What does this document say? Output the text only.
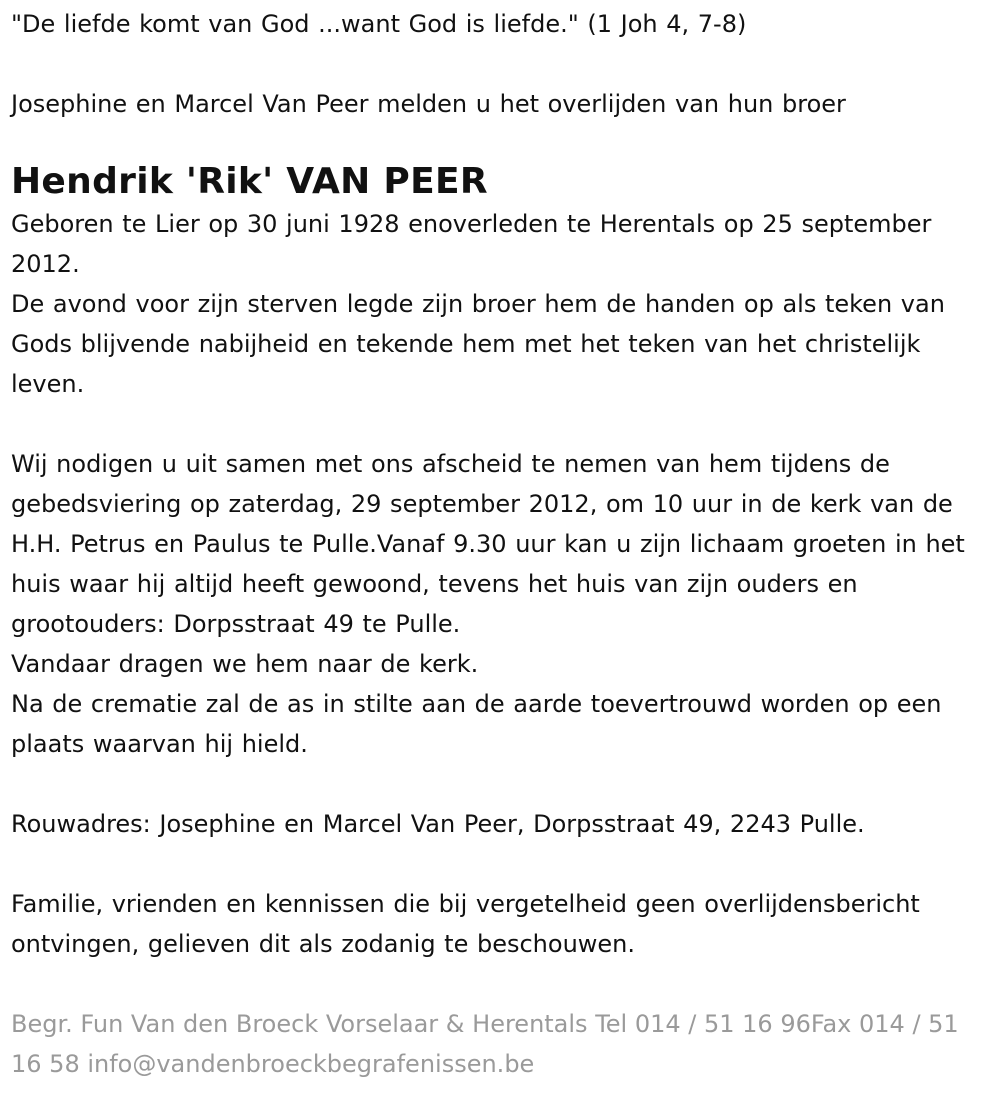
"De liefde komt van God ...want God is liefde." (1 Joh 4, 7-8)

Josephine en Marcel Van Peer melden u het overlijden van hun broer

Hendrik 'Rik' VAN PEER

Geboren te Lier op 30 juni 1928 enoverleden te Herentals op 25 september 2012.

De avond voor zijn sterven legde zijn broer hem de handen op als teken van Gods blijvende nabijheid en tekende hem met het teken van het christelijk leven.

Wij nodigen u uit samen met ons afscheid te nemen van hem tijdens de gebedsviering op zaterdag, 29 september 2012, om 10 uur in de kerk van de H.H. Petrus en Paulus te Pulle.Vanaf 9.30 uur kan u zijn lichaam groeten in het huis waar hij altijd heeft gewoond, tevens het huis van zijn ouders en grootouders: Dorpsstraat 49 te Pulle.

Vandaar dragen we hem naar de kerk.

Na de crematie zal de as in stilte aan de aarde toevertrouwd worden op een plaats waarvan hij hield.

Rouwadres: Josephine en Marcel Van Peer, Dorpsstraat 49, 2243 Pulle.

Familie, vrienden en kennissen die bij vergetelheid geen overlijdensbericht ontvingen, gelieven dit als zodanig te beschouwen.

Begr. Fun Van den Broeck Vorselaar & Herentals Tel 014 / 51 16 96Fax 014 / 51 16 58 info@vandenbroeckbegrafenissen.be
